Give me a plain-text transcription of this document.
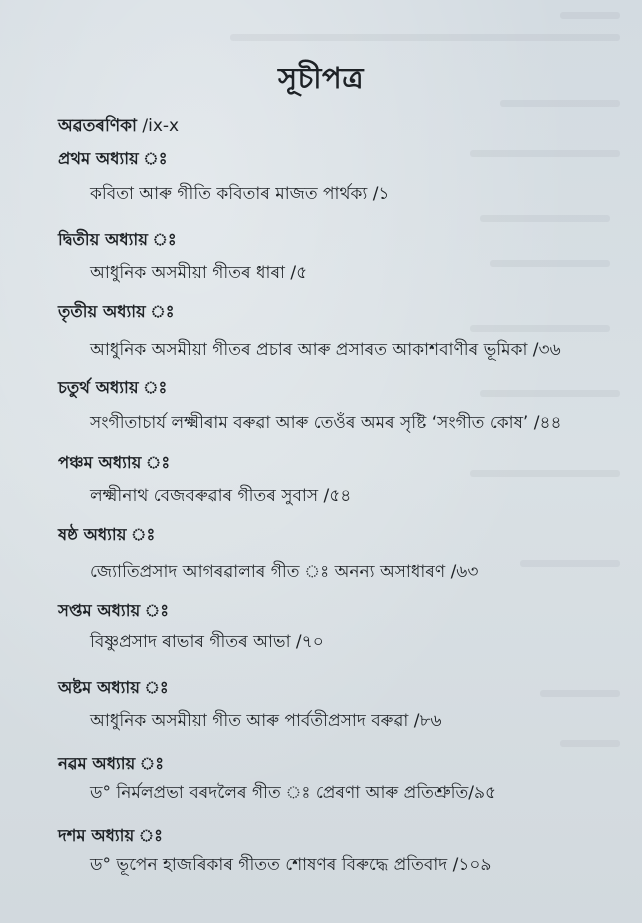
সূচীপত্ৰ
অৱতৰণিকা /ix-x
প্ৰথম অধ্যায় ঃ
কবিতা আৰু গীতি কবিতাৰ মাজত পাৰ্থক্য /১
দ্বিতীয় অধ্যায় ঃ
আধুনিক অসমীয়া গীতৰ ধাৰা /৫
তৃতীয় অধ্যায় ঃ
আধুনিক অসমীয়া গীতৰ প্ৰচাৰ আৰু প্ৰসাৰত আকাশবাণীৰ ভূমিকা /৩৬
চতুৰ্থ অধ্যায় ঃ
সংগীতাচাৰ্য লক্ষ্মীৰাম বৰুৱা আৰু তেওঁৰ অমৰ সৃষ্টি ‘সংগীত কোষ’ /৪৪
পঞ্চম অধ্যায় ঃ
লক্ষ্মীনাথ বেজবৰুৱাৰ গীতৰ সুবাস /৫৪
ষষ্ঠ অধ্যায় ঃ
জ্যোতিপ্ৰসাদ আগৰৱালাৰ গীত ঃ অনন্য অসাধাৰণ /৬৩
সপ্তম অধ্যায় ঃ
বিষ্ণুপ্ৰসাদ ৰাভাৰ গীতৰ আভা /৭০
অষ্টম অধ্যায় ঃ
আধুনিক অসমীয়া গীত আৰু পাৰ্বতীপ্ৰসাদ বৰুৱা /৮৬
নৱম অধ্যায় ঃ
ড° নিৰ্মলপ্ৰভা বৰদলৈৰ গীত ঃ প্ৰেৰণা আৰু প্ৰতিশ্ৰুতি/৯৫
দশম অধ্যায় ঃ
ড° ভূপেন হাজৰিকাৰ গীতত শোষণৰ বিৰুদ্ধে প্ৰতিবাদ /১০৯
